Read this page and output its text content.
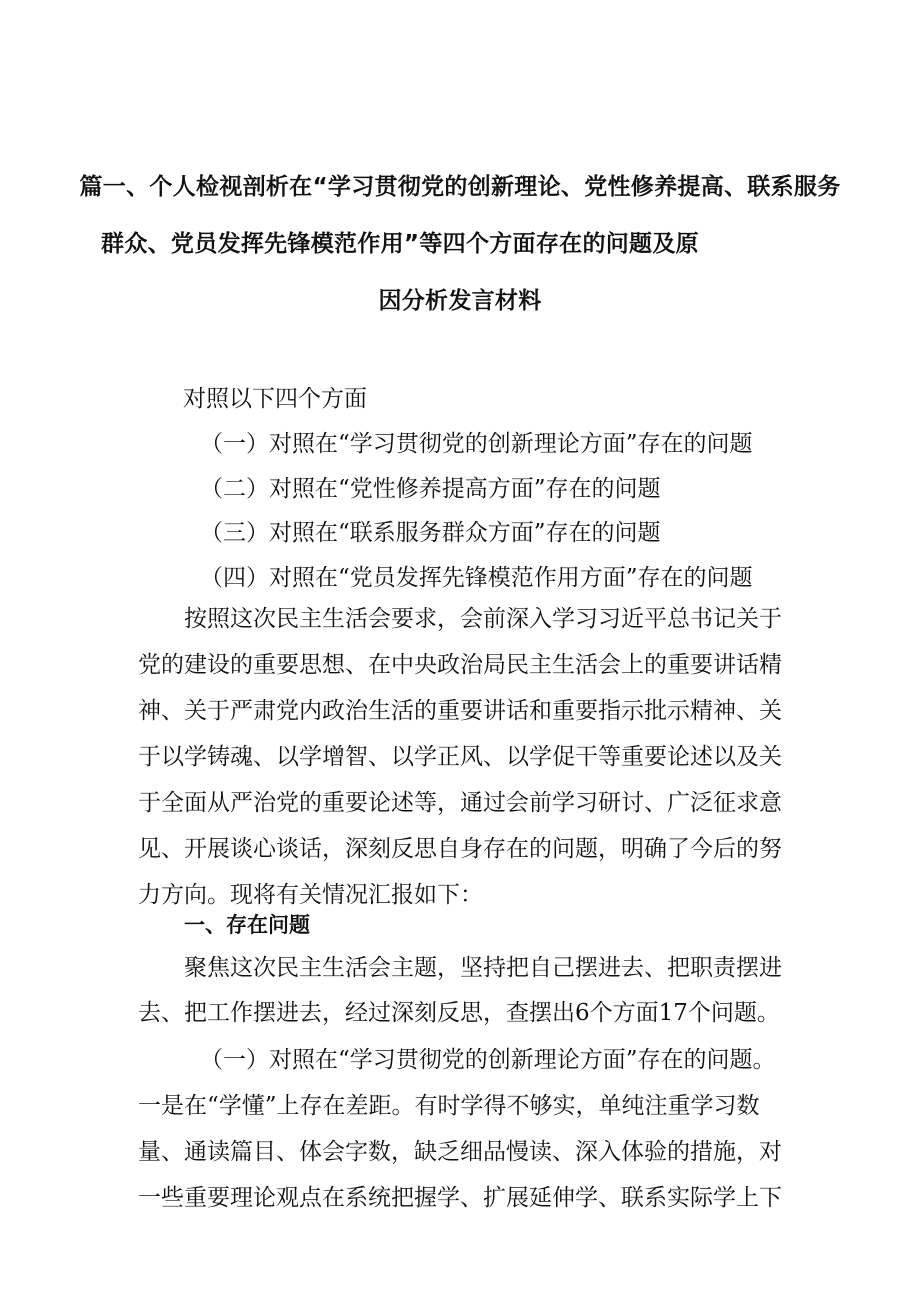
篇一、个人检视剖析在“学习贯彻党的创新理论、党性修养提高、联系服务
群众、党员发挥先锋模范作用”等四个方面存在的问题及原
因分析发言材料
对照以下四个方面
（一）对照在“学习贯彻党的创新理论方面”存在的问题
（二）对照在“党性修养提高方面”存在的问题
（三）对照在“联系服务群众方面”存在的问题
（四）对照在“党员发挥先锋模范作用方面”存在的问题
按照这次民主生活会要求，会前深入学习习近平总书记关于
党的建设的重要思想、在中央政治局民主生活会上的重要讲话精
神、关于严肃党内政治生活的重要讲话和重要指示批示精神、关
于以学铸魂、以学增智、以学正风、以学促干等重要论述以及关
于全面从严治党的重要论述等，通过会前学习研讨、广泛征求意
见、开展谈心谈话，深刻反思自身存在的问题，明确了今后的努
力方向。现将有关情况汇报如下：
一、存在问题
聚焦这次民主生活会主题，坚持把自己摆进去、把职责摆进
去、把工作摆进去，经过深刻反思，查摆出6个方面17个问题。
（一）对照在“学习贯彻党的创新理论方面”存在的问题。
一是在“学懂”上存在差距。有时学得不够实，单纯注重学习数
量、通读篇目、体会字数，缺乏细品慢读、深入体验的措施，对
一些重要理论观点在系统把握学、扩展延伸学、联系实际学上下
